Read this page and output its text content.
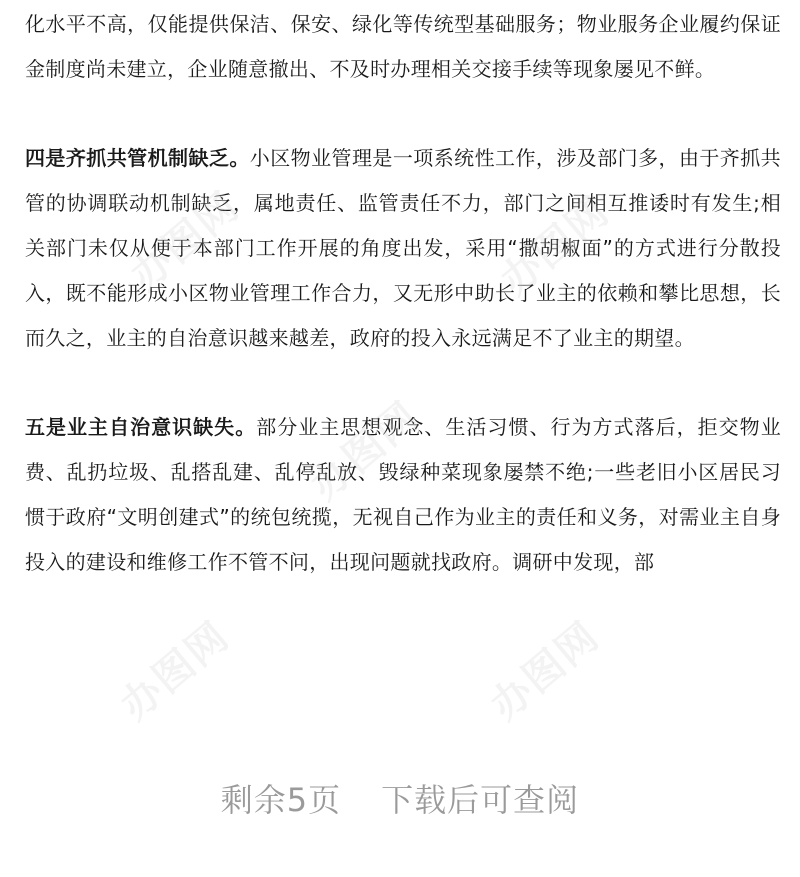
化水平不高，仅能提供保洁、保安、绿化等传统型基础服务；物业服务企业履约保证金制度尚未建立，企业随意撤出、不及时办理相关交接手续等现象屡见不鲜。

四是齐抓共管机制缺乏。小区物业管理是一项系统性工作，涉及部门多，由于齐抓共管的协调联动机制缺乏，属地责任、监管责任不力，部门之间相互推诿时有发生;相关部门未仅从便于本部门工作开展的角度出发，采用“撒胡椒面”的方式进行分散投入，既不能形成小区物业管理工作合力，又无形中助长了业主的依赖和攀比思想，长而久之，业主的自治意识越来越差，政府的投入永远满足不了业主的期望。

五是业主自治意识缺失。部分业主思想观念、生活习惯、行为方式落后，拒交物业费、乱扔垃圾、乱搭乱建、乱停乱放、毁绿种菜现象屡禁不绝;一些老旧小区居民习惯于政府“文明创建式”的统包统揽，无视自己作为业主的责任和义务，对需业主自身投入的建设和维修工作不管不问，出现问题就找政府。调研中发现，部

办图网	办图网
办图网
办图网	办图网
剩余5页 下载后可查阅
